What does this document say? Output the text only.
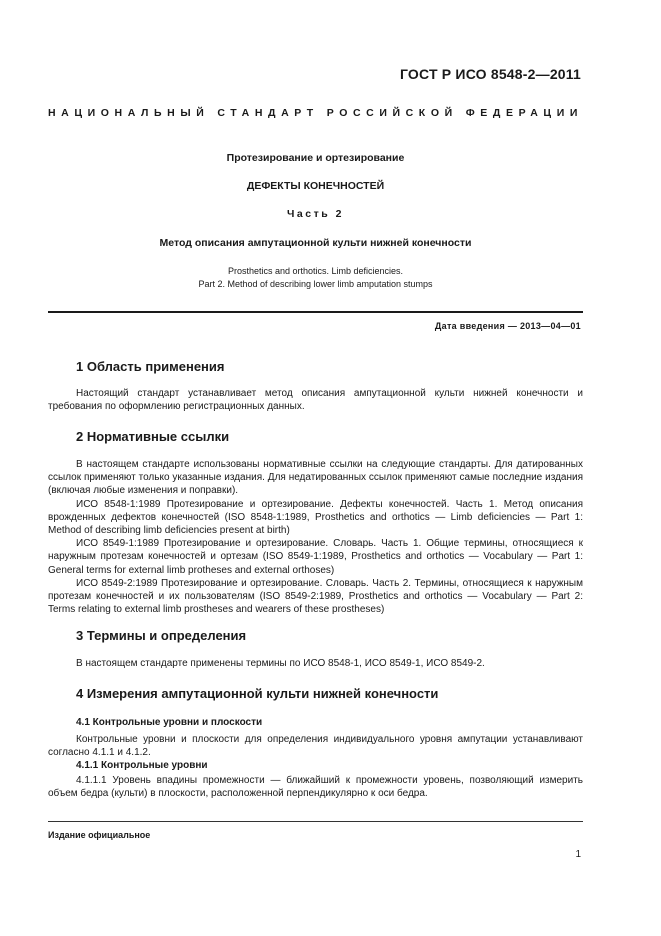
ГОСТ Р ИСО 8548-2—2011
НАЦИОНАЛЬНЫЙ СТАНДАРТ РОССИЙСКОЙ ФЕДЕРАЦИИ
Протезирование и ортезирование
ДЕФЕКТЫ КОНЕЧНОСТЕЙ
Часть 2
Метод описания ампутационной культи нижней конечности
Prosthetics and orthotics. Limb deficiencies.
Part 2. Method of describing lower limb amputation stumps
Дата введения — 2013—04—01
1 Область применения

Настоящий стандарт устанавливает метод описания ампутационной культи нижней конечности и требования по оформлению регистрационных данных.

2 Нормативные ссылки

В настоящем стандарте использованы нормативные ссылки на следующие стандарты. Для датированных ссылок применяют только указанные издания. Для недатированных ссылок применяют самые последние издания (включая любые изменения и поправки).

ИСО 8548-1:1989 Протезирование и ортезирование. Дефекты конечностей. Часть 1. Метод описания врожденных дефектов конечностей (ISO 8548-1:1989, Prosthetics and orthotics — Limb deficiencies — Part 1: Method of describing limb deficiencies present at birth)

ИСО 8549-1:1989 Протезирование и ортезирование. Словарь. Часть 1. Общие термины, относящиеся к наружным протезам конечностей и ортезам (ISO 8549-1:1989, Prosthetics and orthotics — Vocabulary — Part 1: General terms for external limb protheses and external orthoses)

ИСО 8549-2:1989 Протезирование и ортезирование. Словарь. Часть 2. Термины, относящиеся к наружным протезам конечностей и их пользователям (ISO 8549-2:1989, Prosthetics and orthotics — Vocabulary — Part 2: Terms relating to external limb prostheses and wearers of these prostheses)

3 Термины и определения

В настоящем стандарте применены термины по ИСО 8548-1, ИСО 8549-1, ИСО 8549-2.

4 Измерения ампутационной культи нижней конечности
4.1 Контрольные уровни и плоскости

Контрольные уровни и плоскости для определения индивидуального уровня ампутации устанавливают согласно 4.1.1 и 4.1.2.

4.1.1 Контрольные уровни

4.1.1.1 Уровень впадины промежности — ближайший к промежности уровень, позволяющий измерить объем бедра (культи) в плоскости, расположенной перпендикулярно к оси бедра.

Издание официальное
1
